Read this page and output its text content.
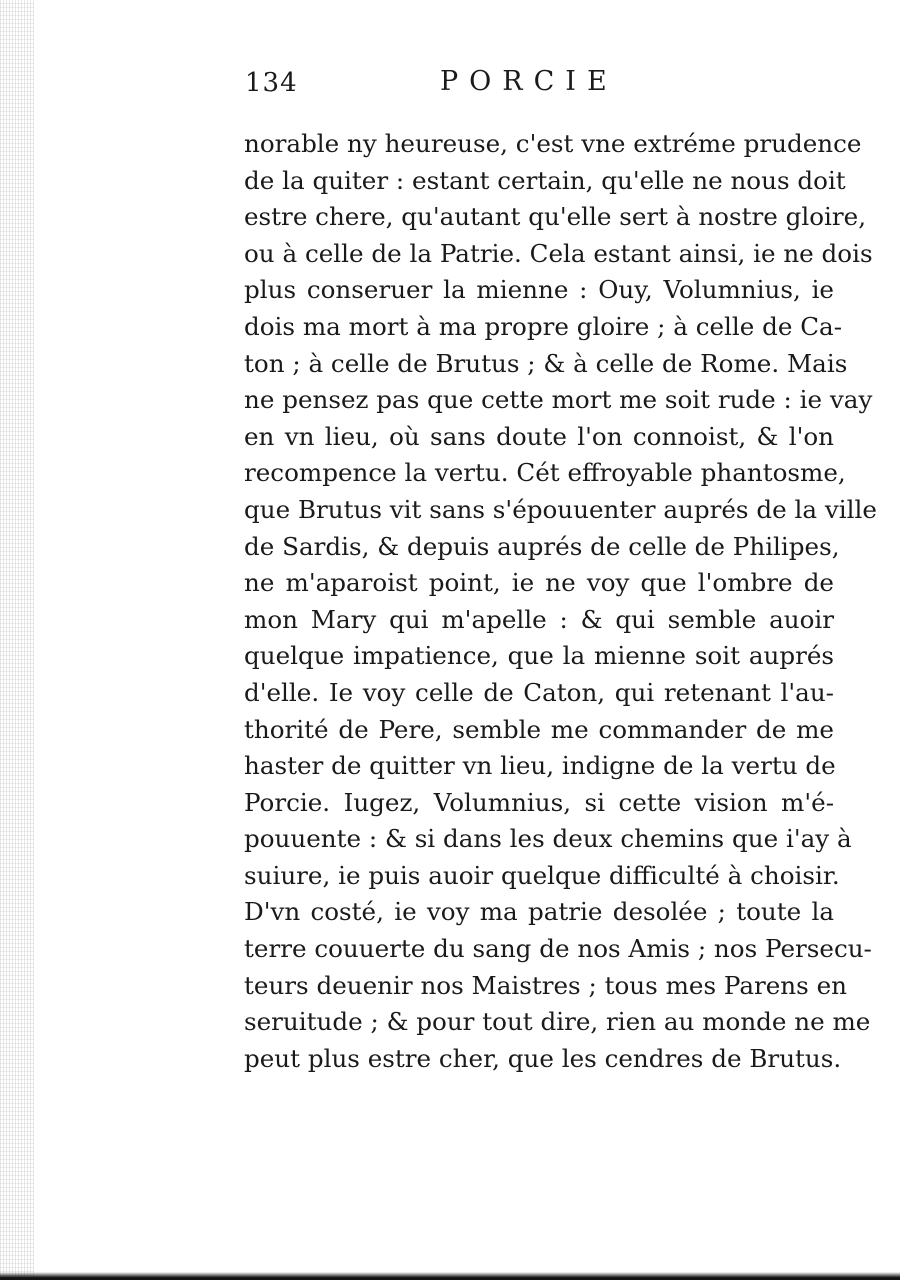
134	PORCIE
norable ny heureuse, c'est vne extréme prudence
de la quiter : estant certain, qu'elle ne nous doit
estre chere, qu'autant qu'elle sert à nostre gloire,
ou à celle de la Patrie. Cela estant ainsi, ie ne dois
plus conseruer la mienne : Ouy, Volumnius, ie
dois ma mort à ma propre gloire ; à celle de Ca-
ton ; à celle de Brutus ; & à celle de Rome. Mais
ne pensez pas que cette mort me soit rude : ie vay
en vn lieu, où sans doute l'on connoist, & l'on
recompence la vertu. Cét effroyable phantosme,
que Brutus vit sans s'épouuenter auprés de la ville
de Sardis, & depuis auprés de celle de Philipes,
ne m'aparoist point, ie ne voy que l'ombre de
mon Mary qui m'apelle : & qui semble auoir
quelque impatience, que la mienne soit auprés
d'elle. Ie voy celle de Caton, qui retenant l'au-
thorité de Pere, semble me commander de me
haster de quitter vn lieu, indigne de la vertu de
Porcie. Iugez, Volumnius, si cette vision m'é-
pouuente : & si dans les deux chemins que i'ay à
suiure, ie puis auoir quelque difficulté à choisir.
D'vn costé, ie voy ma patrie desolée ; toute la
terre couuerte du sang de nos Amis ; nos Persecu-
teurs deuenir nos Maistres ; tous mes Parens en
seruitude ; & pour tout dire, rien au monde ne me
peut plus estre cher, que les cendres de Brutus.
